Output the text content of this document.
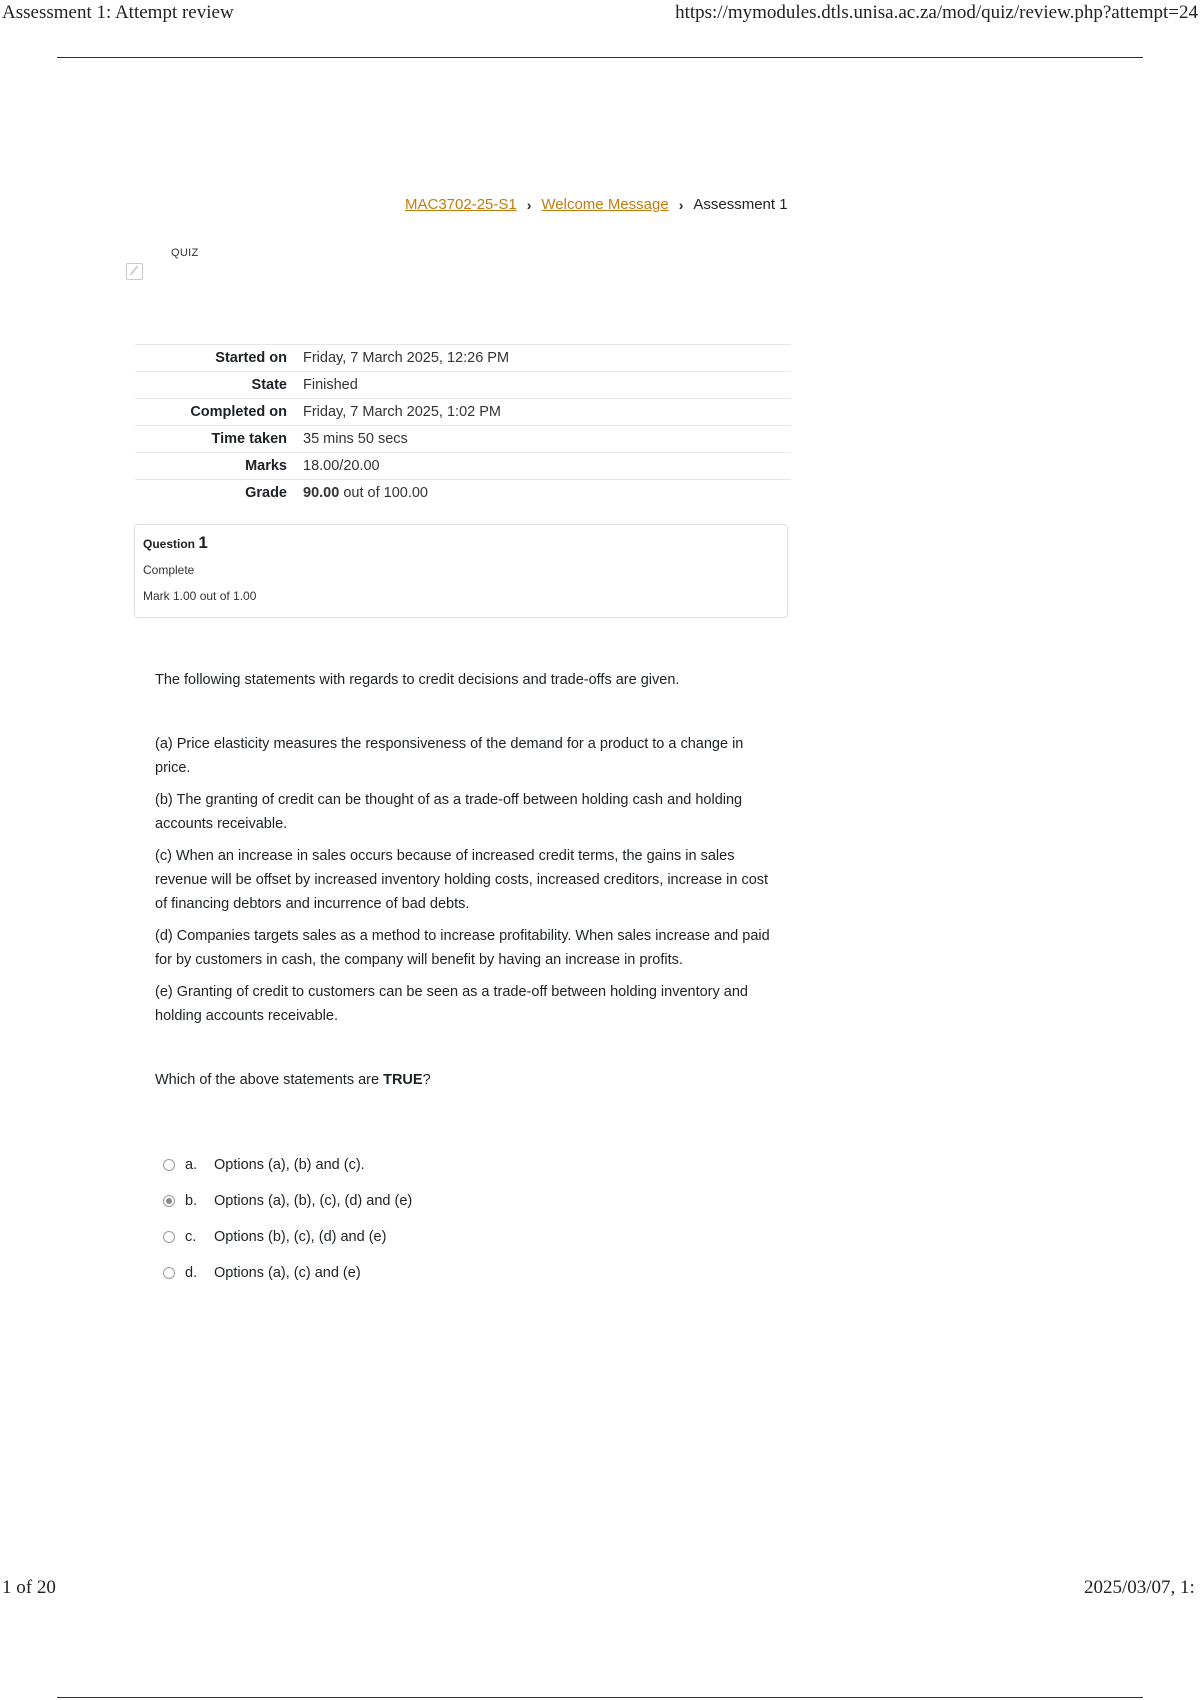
Assessment 1: Attempt review	https://mymodules.dtls.unisa.ac.za/mod/quiz/review.php?attempt=24
MAC3702-25-S1 › Welcome Message › Assessment 1
QUIZ
Started on	Friday, 7 March 2025, 12:26 PM
State	Finished
Completed on	Friday, 7 March 2025, 1:02 PM
Time taken	35 mins 50 secs
Marks	18.00/20.00
Grade	90.00 out of 100.00
Question 1
Complete
Mark 1.00 out of 1.00

The following statements with regards to credit decisions and trade-offs are given.

(a) Price elasticity measures the responsiveness of the demand for a product to a change in price.

(b) The granting of credit can be thought of as a trade-off between holding cash and holding accounts receivable.

(c) When an increase in sales occurs because of increased credit terms, the gains in sales revenue will be offset by increased inventory holding costs, increased creditors, increase in cost of financing debtors and incurrence of bad debts.

(d) Companies targets sales as a method to increase profitability. When sales increase and paid for by customers in cash, the company will benefit by having an increase in profits.

(e) Granting of credit to customers can be seen as a trade-off between holding inventory and holding accounts receivable.

Which of the above statements are TRUE?

a.	Options (a), (b) and (c).
b.	Options (a), (b), (c), (d) and (e)
c.	Options (b), (c), (d) and (e)
d.	Options (a), (c) and (e)
1 of 20	2025/03/07, 1:
